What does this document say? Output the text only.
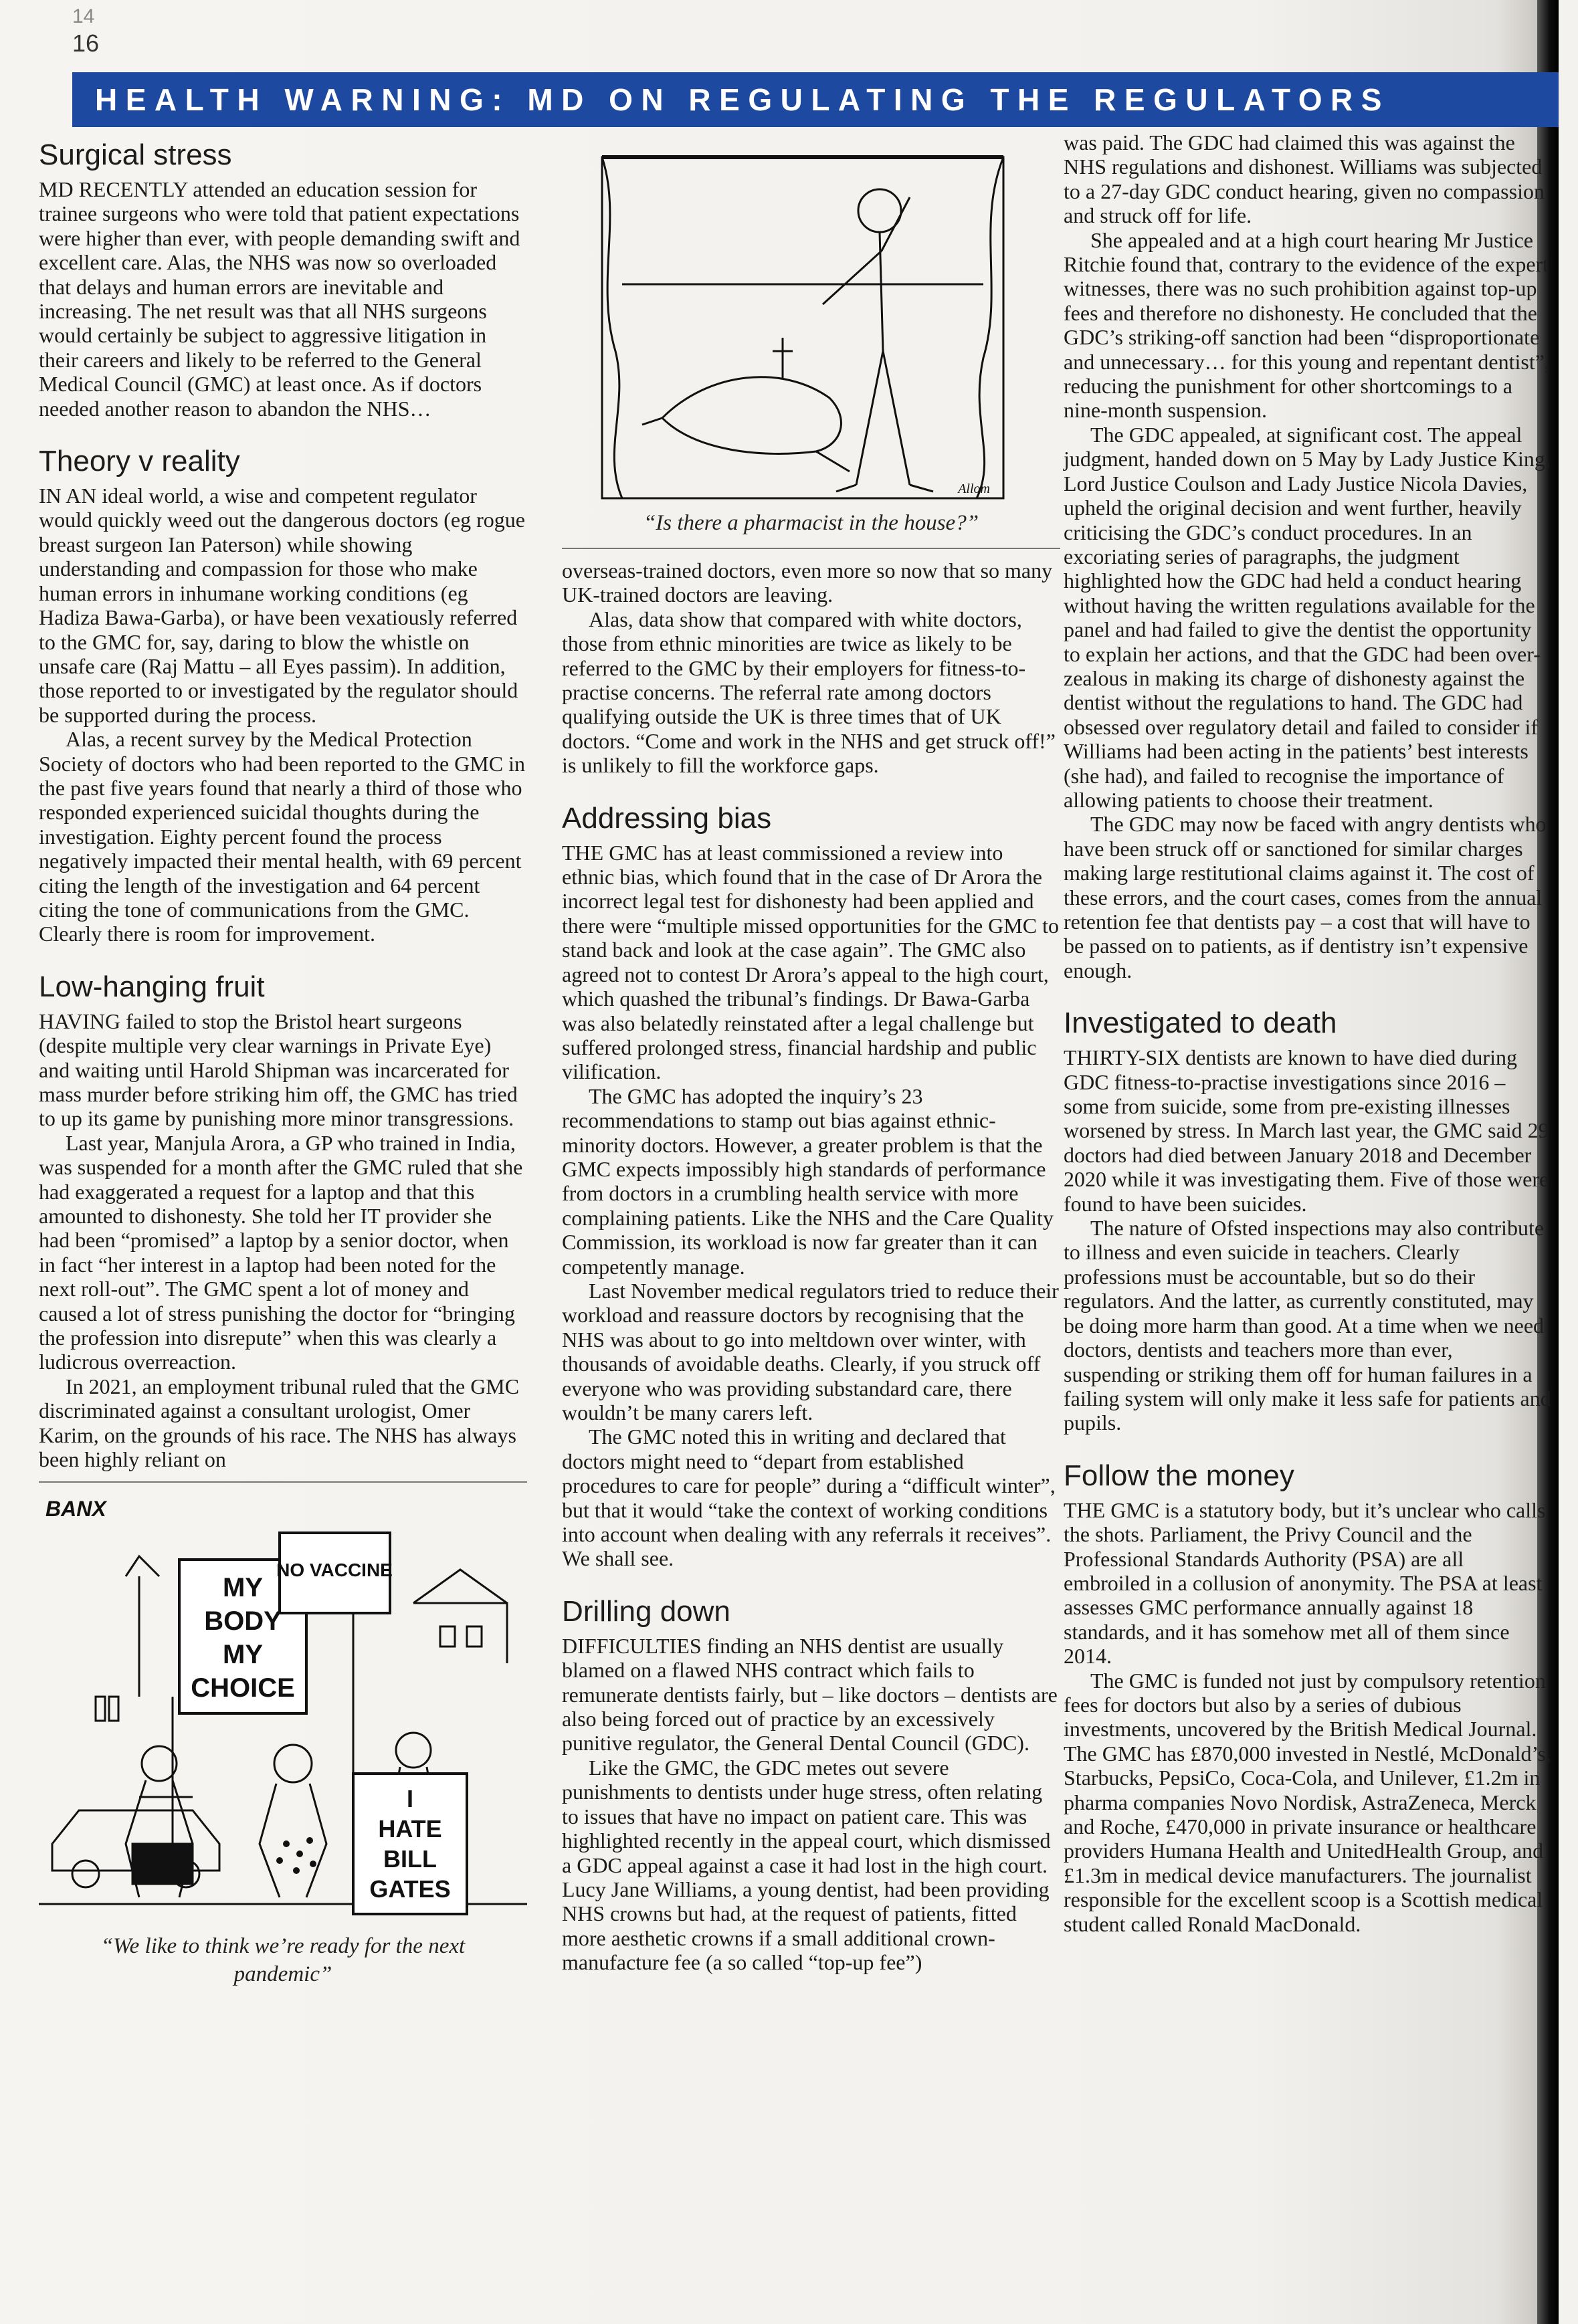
14
16
HEALTH WARNING: MD ON REGULATING THE REGULATORS
Surgical stress

MD RECENTLY attended an education session for trainee surgeons who were told that patient expectations were higher than ever, with people demanding swift and excellent care. Alas, the NHS was now so overloaded that delays and human errors are inevitable and increasing. The net result was that all NHS surgeons would certainly be subject to aggressive litigation in their careers and likely to be referred to the General Medical Council (GMC) at least once. As if doctors needed another reason to abandon the NHS…

Theory v reality

IN AN ideal world, a wise and competent regulator would quickly weed out the dangerous doctors (eg rogue breast surgeon Ian Paterson) while showing understanding and compassion for those who make human errors in inhumane working conditions (eg Hadiza Bawa-Garba), or have been vexatiously referred to the GMC for, say, daring to blow the whistle on unsafe care (Raj Mattu – all Eyes passim). In addition, those reported to or investigated by the regulator should be supported during the process.

Alas, a recent survey by the Medical Protection Society of doctors who had been reported to the GMC in the past five years found that nearly a third of those who responded experienced suicidal thoughts during the investigation. Eighty percent found the process negatively impacted their mental health, with 69 percent citing the length of the investigation and 64 percent citing the tone of communications from the GMC. Clearly there is room for improvement.

Low-hanging fruit

HAVING failed to stop the Bristol heart surgeons (despite multiple very clear warnings in Private Eye) and waiting until Harold Shipman was incarcerated for mass murder before striking him off, the GMC has tried to up its game by punishing more minor transgressions.

Last year, Manjula Arora, a GP who trained in India, was suspended for a month after the GMC ruled that she had exaggerated a request for a laptop and that this amounted to dishonesty. She told her IT provider she had been “promised” a laptop by a senior doctor, when in fact “her interest in a laptop had been noted for the next roll-out”. The GMC spent a lot of money and caused a lot of stress punishing the doctor for “bringing the profession into disrepute” when this was clearly a ludicrous overreaction.

In 2021, an employment tribunal ruled that the GMC discriminated against a consultant urologist, Omer Karim, on the grounds of his race. The NHS has always been highly reliant on

BANX
NO VACCINE
MY
BODY
MY
CHOICE
I
HATE
BILL
GATES
“We like to think we’re ready for the next pandemic”
Allom
“Is there a pharmacist in the house?”

overseas-trained doctors, even more so now that so many UK-trained doctors are leaving.

Alas, data show that compared with white doctors, those from ethnic minorities are twice as likely to be referred to the GMC by their employers for fitness-to-practise concerns. The referral rate among doctors qualifying outside the UK is three times that of UK doctors. “Come and work in the NHS and get struck off!” is unlikely to fill the workforce gaps.

Addressing bias

THE GMC has at least commissioned a review into ethnic bias, which found that in the case of Dr Arora the incorrect legal test for dishonesty had been applied and there were “multiple missed opportunities for the GMC to stand back and look at the case again”. The GMC also agreed not to contest Dr Arora’s appeal to the high court, which quashed the tribunal’s findings. Dr Bawa-Garba was also belatedly reinstated after a legal challenge but suffered prolonged stress, financial hardship and public vilification.

The GMC has adopted the inquiry’s 23 recommendations to stamp out bias against ethnic-minority doctors. However, a greater problem is that the GMC expects impossibly high standards of performance from doctors in a crumbling health service with more complaining patients. Like the NHS and the Care Quality Commission, its workload is now far greater than it can competently manage.

Last November medical regulators tried to reduce their workload and reassure doctors by recognising that the NHS was about to go into meltdown over winter, with thousands of avoidable deaths. Clearly, if you struck off everyone who was providing substandard care, there wouldn’t be many carers left.

The GMC noted this in writing and declared that doctors might need to “depart from established procedures to care for people” during a “difficult winter”, but that it would “take the context of working conditions into account when dealing with any referrals it receives”. We shall see.

Drilling down

DIFFICULTIES finding an NHS dentist are usually blamed on a flawed NHS contract which fails to remunerate dentists fairly, but – like doctors – dentists are also being forced out of practice by an excessively punitive regulator, the General Dental Council (GDC).

Like the GMC, the GDC metes out severe punishments to dentists under huge stress, often relating to issues that have no impact on patient care. This was highlighted recently in the appeal court, which dismissed a GDC appeal against a case it had lost in the high court. Lucy Jane Williams, a young dentist, had been providing NHS crowns but had, at the request of patients, fitted more aesthetic crowns if a small additional crown-manufacture fee (a so called “top-up fee”)

was paid. The GDC had claimed this was against the NHS regulations and dishonest. Williams was subjected to a 27-day GDC conduct hearing, given no compassion and struck off for life.

She appealed and at a high court hearing Mr Justice Ritchie found that, contrary to the evidence of the expert witnesses, there was no such prohibition against top-up fees and therefore no dishonesty. He concluded that the GDC’s striking-off sanction had been “disproportionate and unnecessary… for this young and repentant dentist”, reducing the punishment for other shortcomings to a nine-month suspension.

The GDC appealed, at significant cost. The appeal judgment, handed down on 5 May by Lady Justice King, Lord Justice Coulson and Lady Justice Nicola Davies, upheld the original decision and went further, heavily criticising the GDC’s conduct procedures. In an excoriating series of paragraphs, the judgment highlighted how the GDC had held a conduct hearing without having the written regulations available for the panel and had failed to give the dentist the opportunity to explain her actions, and that the GDC had been over-zealous in making its charge of dishonesty against the dentist without the regulations to hand. The GDC had obsessed over regulatory detail and failed to consider if Williams had been acting in the patients’ best interests (she had), and failed to recognise the importance of allowing patients to choose their treatment.

The GDC may now be faced with angry dentists who have been struck off or sanctioned for similar charges making large restitutional claims against it. The cost of these errors, and the court cases, comes from the annual retention fee that dentists pay – a cost that will have to be passed on to patients, as if dentistry isn’t expensive enough.

Investigated to death

THIRTY-SIX dentists are known to have died during GDC fitness-to-practise investigations since 2016 – some from suicide, some from pre-existing illnesses worsened by stress. In March last year, the GMC said 29 doctors had died between January 2018 and December 2020 while it was investigating them. Five of those were found to have been suicides.

The nature of Ofsted inspections may also contribute to illness and even suicide in teachers. Clearly professions must be accountable, but so do their regulators. And the latter, as currently constituted, may be doing more harm than good. At a time when we need doctors, dentists and teachers more than ever, suspending or striking them off for human failures in a failing system will only make it less safe for patients and pupils.

Follow the money

THE GMC is a statutory body, but it’s unclear who calls the shots. Parliament, the Privy Council and the Professional Standards Authority (PSA) are all embroiled in a collusion of anonymity. The PSA at least assesses GMC performance annually against 18 standards, and it has somehow met all of them since 2014.

The GMC is funded not just by compulsory retention fees for doctors but also by a series of dubious investments, uncovered by the British Medical Journal. The GMC has £870,000 invested in Nestlé, McDonald’s, Starbucks, PepsiCo, Coca-Cola, and Unilever, £1.2m in pharma companies Novo Nordisk, AstraZeneca, Merck and Roche, £470,000 in private insurance or healthcare providers Humana Health and UnitedHealth Group, and £1.3m in medical device manufacturers. The journalist responsible for the excellent scoop is a Scottish medical student called Ronald MacDonald.
